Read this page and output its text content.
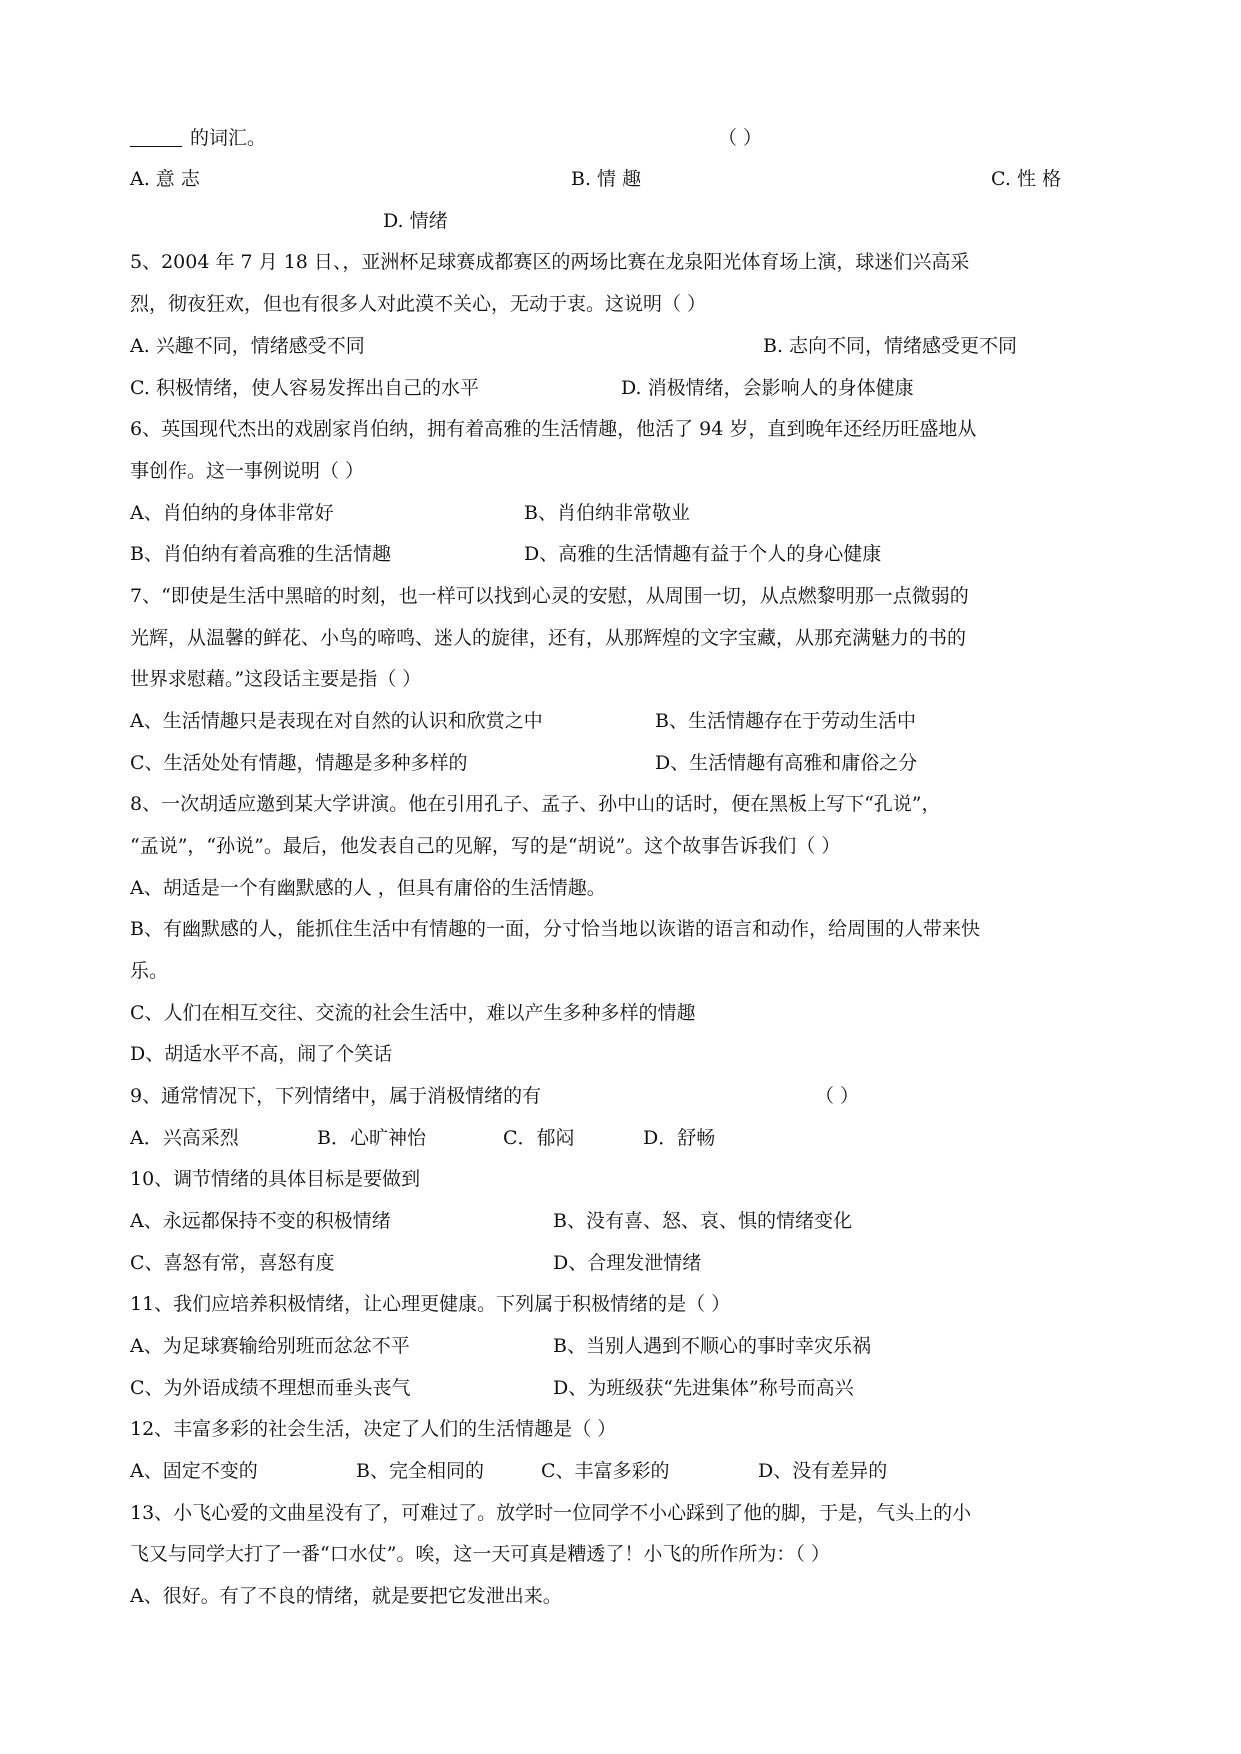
的词汇。	（ ）
A. 意 志	B. 情 趣	C. 性 格
D. 情绪
5、2004 年 7 月 18 日、，亚洲杯足球赛成都赛区的两场比赛在龙泉阳光体育场上演，球迷们兴高采
烈，彻夜狂欢，但也有很多人对此漠不关心，无动于衷。这说明（ ）
A. 兴趣不同，情绪感受不同	B. 志向不同，情绪感受更不同
C. 积极情绪，使人容易发挥出自己的水平	D. 消极情绪，会影响人的身体健康
6、英国现代杰出的戏剧家肖伯纳，拥有着高雅的生活情趣，他活了 94 岁，直到晚年还经历旺盛地从
事创作。这一事例说明（ ）
A、肖伯纳的身体非常好	B、肖伯纳非常敬业
B、肖伯纳有着高雅的生活情趣	D、高雅的生活情趣有益于个人的身心健康
7、“即使是生活中黑暗的时刻，也一样可以找到心灵的安慰，从周围一切，从点燃黎明那一点微弱的
光辉，从温馨的鲜花、小鸟的啼鸣、迷人的旋律，还有，从那辉煌的文字宝藏，从那充满魅力的书的
世界求慰藉。”这段话主要是指（ ）
A、生活情趣只是表现在对自然的认识和欣赏之中	B、生活情趣存在于劳动生活中
C、生活处处有情趣，情趣是多种多样的	D、生活情趣有高雅和庸俗之分
8、一次胡适应邀到某大学讲演。他在引用孔子、孟子、孙中山的话时，便在黑板上写下“孔说”，
“孟说”，“孙说”。最后，他发表自己的见解，写的是“胡说”。这个故事告诉我们（ ）
A、胡适是一个有幽默感的人 ，但具有庸俗的生活情趣。
B、有幽默感的人，能抓住生活中有情趣的一面，分寸恰当地以诙谐的语言和动作，给周围的人带来快
乐。
C、人们在相互交往、交流的社会生活中，难以产生多种多样的情趣
D、胡适水平不高，闹了个笑话
9、通常情况下，下列情绪中，属于消极情绪的有	（ ）
A．兴高采烈	B．心旷神怡	C．郁闷	D．舒畅
10、调节情绪的具体目标是要做到
A、永远都保持不变的积极情绪	B、没有喜、怒、哀、惧的情绪变化
C、喜怒有常，喜怒有度	D、合理发泄情绪
11、我们应培养积极情绪，让心理更健康。下列属于积极情绪的是（ ）
A、为足球赛输给别班而忿忿不平	B、当别人遇到不顺心的事时幸灾乐祸
C、为外语成绩不理想而垂头丧气	D、为班级获“先进集体”称号而高兴
12、丰富多彩的社会生活，决定了人们的生活情趣是（ ）
A、固定不变的	B、完全相同的	C、丰富多彩的	D、没有差异的
13、小飞心爱的文曲星没有了，可难过了。放学时一位同学不小心踩到了他的脚，于是，气头上的小
飞又与同学大打了一番“口水仗”。唉，这一天可真是糟透了！小飞的所作所为：（ ）
A、很好。有了不良的情绪，就是要把它发泄出来。
